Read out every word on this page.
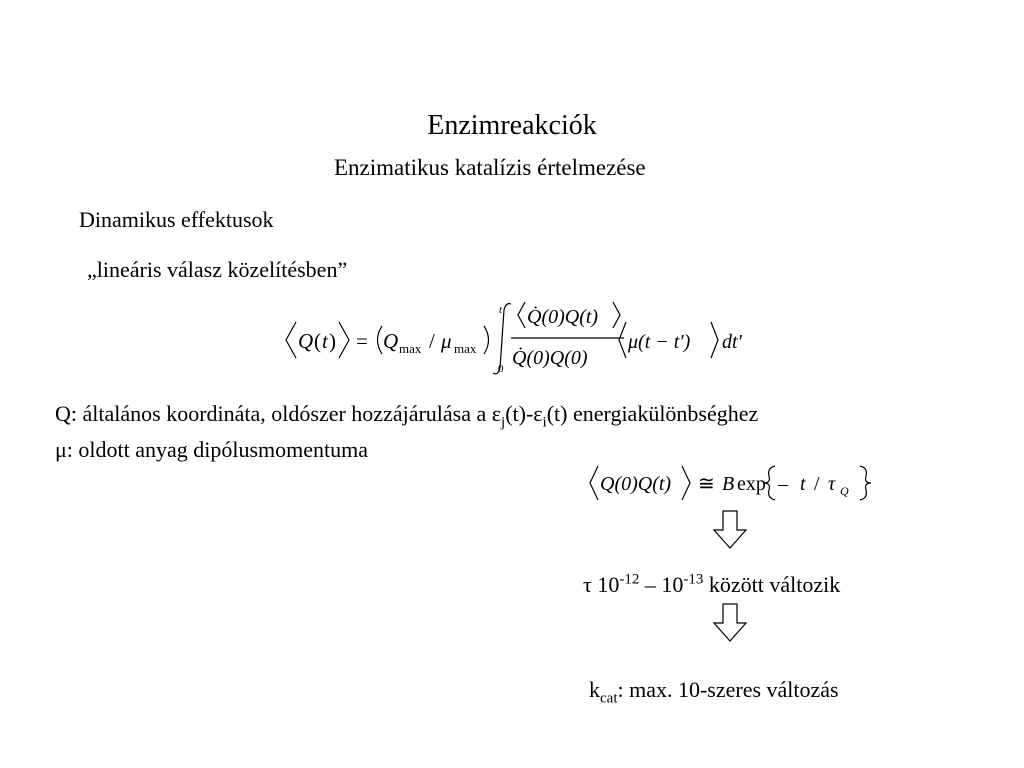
Enzimreakciók
Enzimatikus katalízis értelmezése
Dinamikus effektusok
„lineáris válasz közelítésben”
Q ( t ) = Q max / μ max
t
0
Q̇(0)Q(t)
Q̇(0)Q(0)
μ(t − t′) dt′
Q: általános koordináta, oldószer hozzájárulása a $\varepsilon_j(t)-\varepsilon_i(t)$ energiakülönbséghez
μ: oldott anyag dipólusmomentuma
Q(0)Q(t) ≅ B exp – t / τ Q
τ $10^{-12} - 10^{-13}$ között változik
$k_{cat}$: max. 10-szeres változás
